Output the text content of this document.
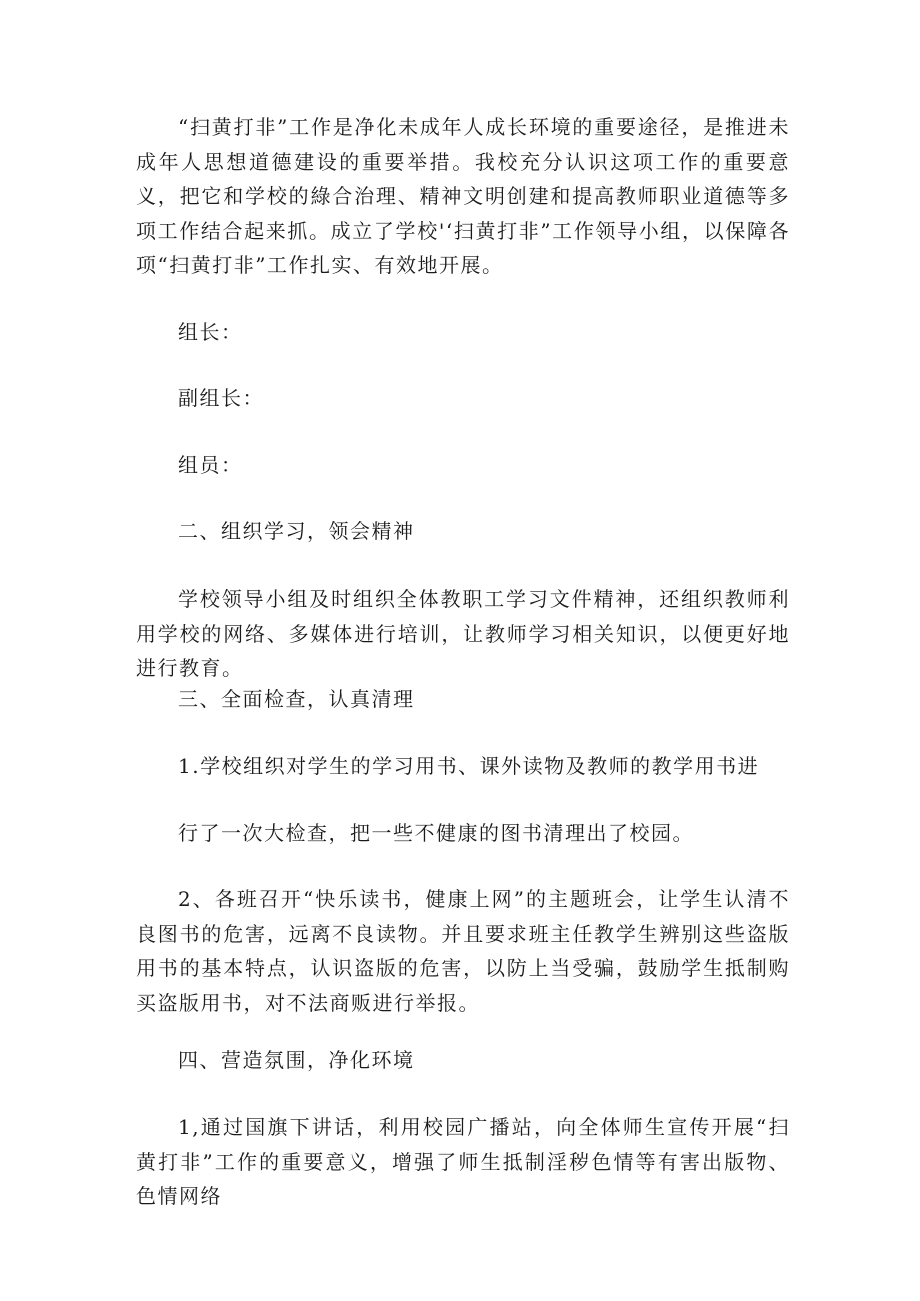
“扫黄打非”工作是净化未成年人成长环境的重要途径，是推进未成年人思想道德建设的重要举措。我校充分认识这项工作的重要意义，把它和学校的綠合治理、精神文明创建和提高教师职业道德等多项工作结合起来抓。成立了学校'‘扫黄打非”工作领导小组，以保障各项“扫黄打非”工作扎实、有效地开展。

组长：

副组长：

组员：

二、组织学习，领会精神

学校领导小组及时组织全体教职工学习文件精神，还组织教师利用学校的网络、多媒体进行培训，让教师学习相关知识，以便更好地进行教育。

三、全面检查，认真清理

1.学校组织对学生的学习用书、课外读物及教师的教学用书进

行了一次大检查，把一些不健康的图书清理出了校园。

2、各班召开“快乐读书，健康上网”的主题班会，让学生认清不良图书的危害，远离不良读物。并且要求班主任教学生辨别这些盗版用书的基本特点，认识盗版的危害，以防上当受骗，鼓励学生抵制购买盗版用书，对不法商贩进行举报。

四、营造氛围，净化环境

1,通过国旗下讲话，利用校园广播站，向全体师生宣传开展“扫黄打非”工作的重要意义，增强了师生抵制淫秽色情等有害出版物、色情网络
